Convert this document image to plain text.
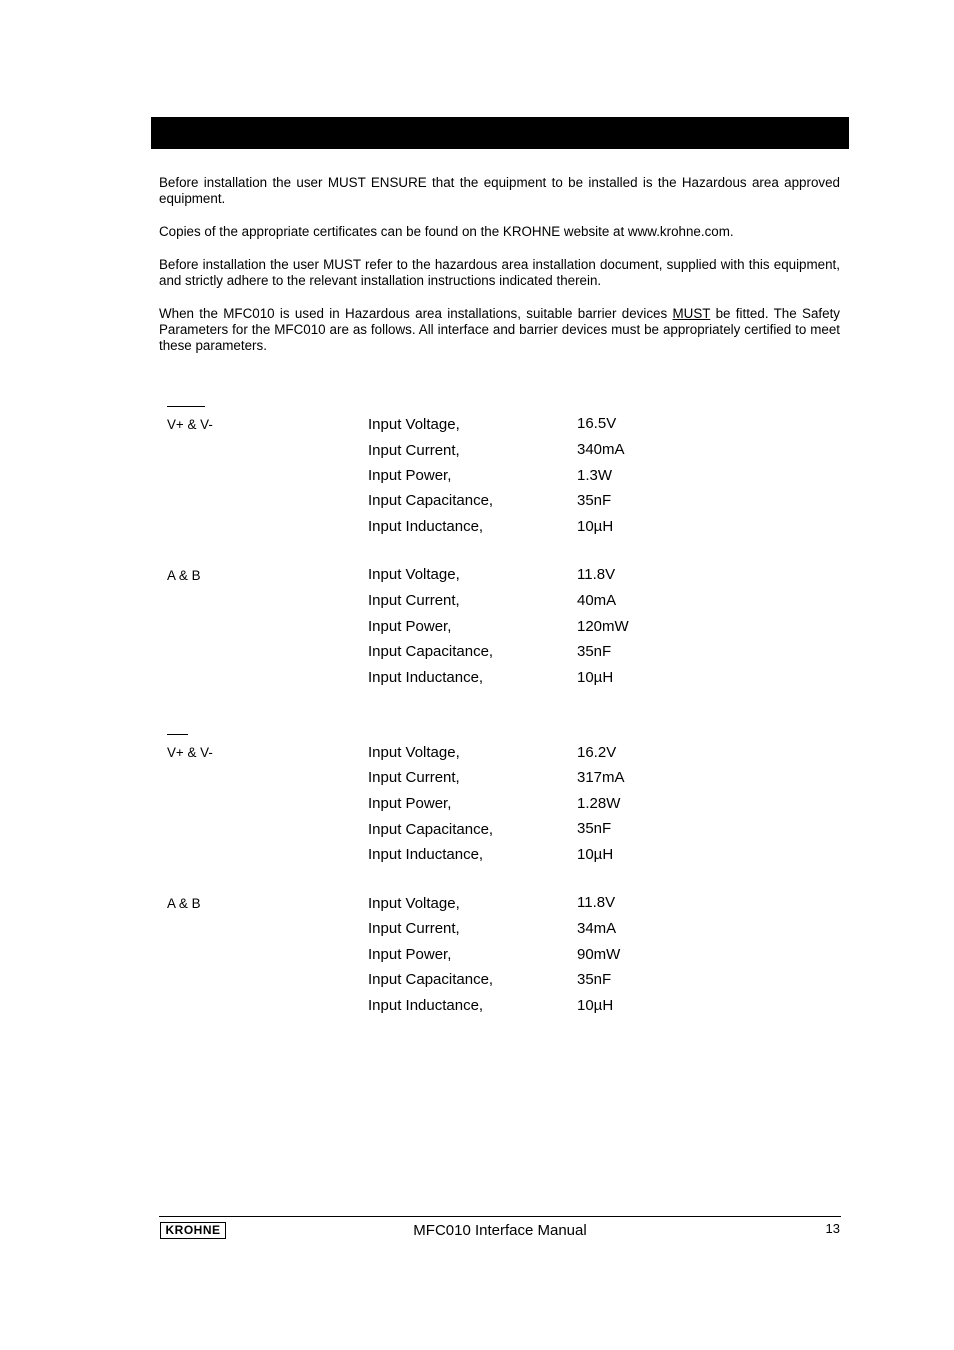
Before installation the user MUST ENSURE that the equipment to be installed is the Hazardous area approved equipment.

Copies of the appropriate certificates can be found on the KROHNE website at www.krohne.com.

Before installation the user MUST refer to the hazardous area installation document, supplied with this equipment, and strictly adhere to the relevant installation instructions indicated therein.

When the MFC010 is used in Hazardous area installations, suitable barrier devices MUST be fitted. The Safety Parameters for the MFC010 are as follows. All interface and barrier devices must be appropriately certified to meet these parameters.

V+ & V-	Input Voltage,	16.5V
Input Current,	340mA
Input Power,	1.3W
Input Capacitance,	35nF
Input Inductance,	10µH
A & B	Input Voltage,	11.8V
Input Current,	40mA
Input Power,	120mW
Input Capacitance,	35nF
Input Inductance,	10µH
V+ & V-	Input Voltage,	16.2V
Input Current,	317mA
Input Power,	1.28W
Input Capacitance,	35nF
Input Inductance,	10µH
A & B	Input Voltage,	11.8V
Input Current,	34mA
Input Power,	90mW
Input Capacitance,	35nF
Input Inductance,	10µH
KROHNE	MFC010 Interface Manual	13
